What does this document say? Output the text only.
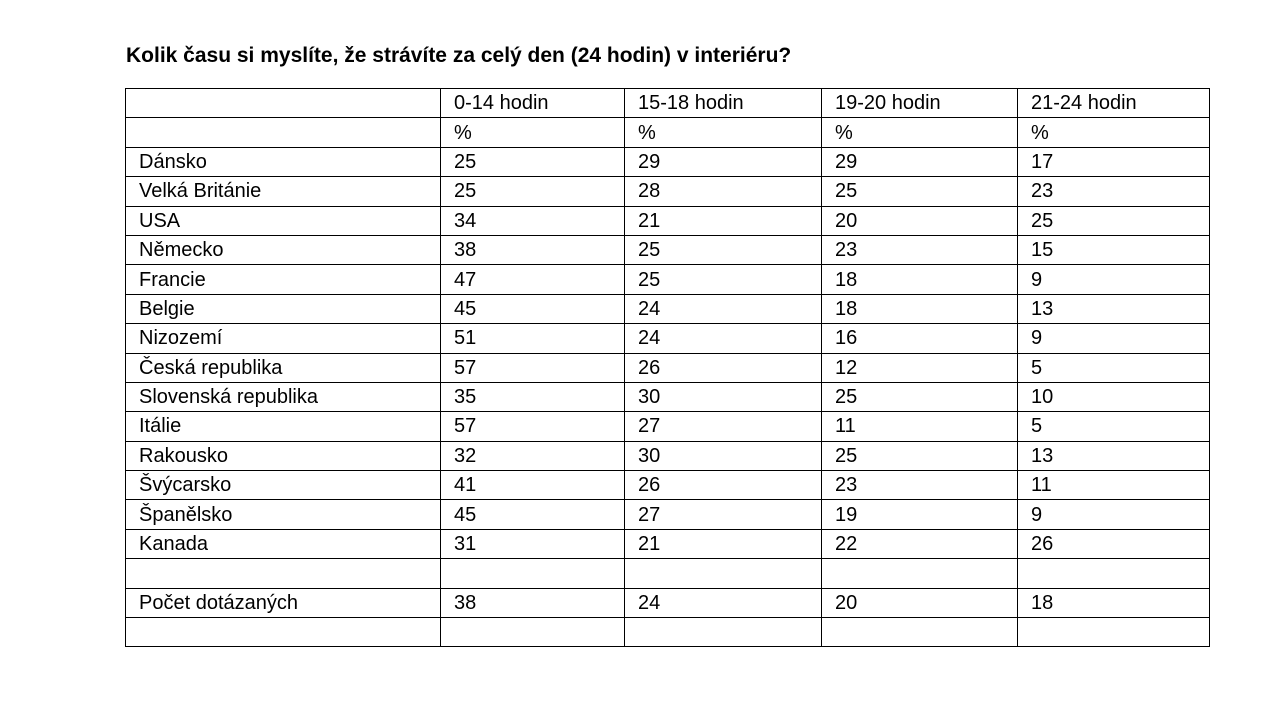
Kolik času si myslíte, že strávíte za celý den (24 hodin) v interiéru?
	0-14 hodin	15-18 hodin	19-20 hodin	21-24 hodin
	%	%	%	%
Dánsko	25	29	29	17
Velká Británie	25	28	25	23
USA	34	21	20	25
Německo	38	25	23	15
Francie	47	25	18	9
Belgie	45	24	18	13
Nizozemí	51	24	16	9
Česká republika	57	26	12	5
Slovenská republika	35	30	25	10
Itálie	57	27	11	5
Rakousko	32	30	25	13
Švýcarsko	41	26	23	11
Španělsko	45	27	19	9
Kanada	31	21	22	26

Počet dotázaných	38	24	20	18
